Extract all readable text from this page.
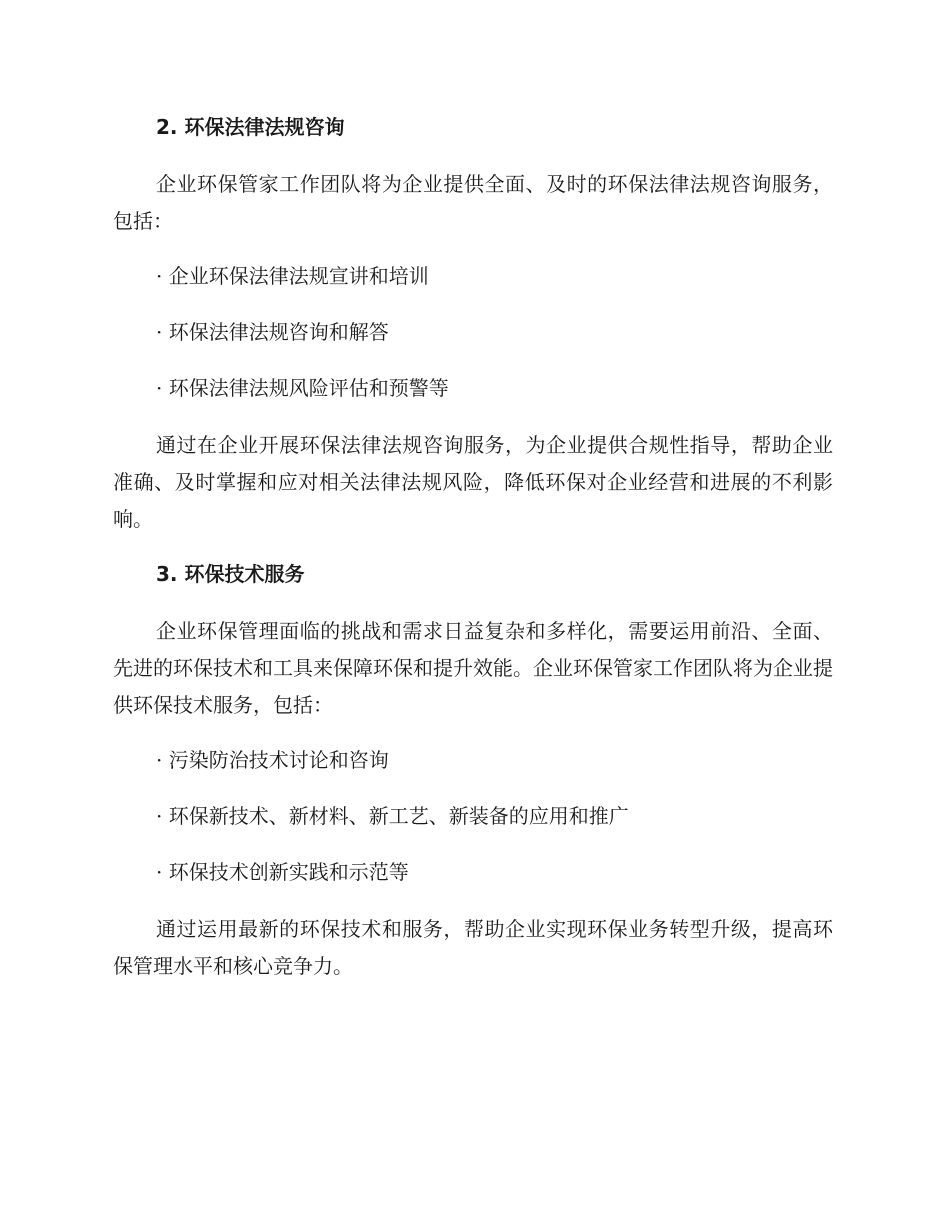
2. 环保法律法规咨询

企业环保管家工作团队将为企业提供全面、及时的环保法律法规咨询服务，包括：

· 企业环保法律法规宣讲和培训

· 环保法律法规咨询和解答

· 环保法律法规风险评估和预警等

通过在企业开展环保法律法规咨询服务，为企业提供合规性指导，帮助企业准确、及时掌握和应对相关法律法规风险，降低环保对企业经营和进展的不利影响。

3. 环保技术服务

企业环保管理面临的挑战和需求日益复杂和多样化，需要运用前沿、全面、先进的环保技术和工具来保障环保和提升效能。企业环保管家工作团队将为企业提供环保技术服务，包括：

· 污染防治技术讨论和咨询

· 环保新技术、新材料、新工艺、新装备的应用和推广

· 环保技术创新实践和示范等

通过运用最新的环保技术和服务，帮助企业实现环保业务转型升级，提高环保管理水平和核心竞争力。
